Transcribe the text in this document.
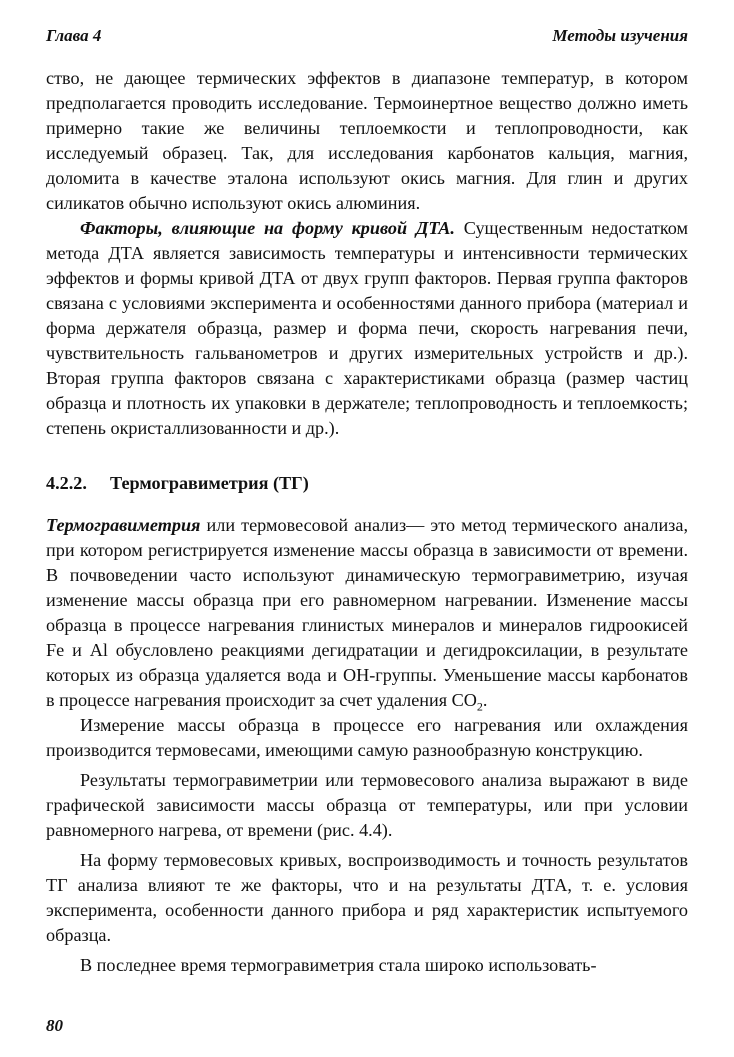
Глава 4	Методы изучения

ство, не дающее термических эффектов в диапазоне температур, в котором предполагается проводить исследование. Термоинертное вещество должно иметь примерно такие же величины теплоемкости и теплопроводности, как исследуемый образец. Так, для исследования карбонатов кальция, магния, доломита в качестве эталона используют окись магния. Для глин и других силикатов обычно используют окись алюминия.

Факторы, влияющие на форму кривой ДТА. Существенным недостатком метода ДТА является зависимость температуры и интенсивности термических эффектов и формы кривой ДТА от двух групп факторов. Первая группа факторов связана с условиями эксперимента и особенностями данного прибора (материал и форма держателя образца, размер и форма печи, скорость нагревания печи, чувствительность гальванометров и других измерительных устройств и др.). Вторая группа факторов связана с характеристиками образца (размер частиц образца и плотность их упаковки в держателе; теплопроводность и теплоемкость; степень окристаллизованности и др.).

4.2.2.	Термогравиметрия (ТГ)

Термогравиметрия или термовесовой анализ— это метод термического анализа, при котором регистрируется изменение массы образца в зависимости от времени. В почвоведении часто используют динамическую термогравиметрию, изучая изменение массы образца при его равномерном нагревании. Изменение массы образца в процессе нагревания глинистых минералов и минералов гидроокисей Fe и Al обусловлено реакциями дегидратации и дегидроксилации, в результате которых из образца удаляется вода и OH-группы. Уменьшение массы карбонатов в процессе нагревания происходит за счет удаления $CO_2$.

Измерение массы образца в процессе его нагревания или охлаждения производится термовесами, имеющими самую разнообразную конструкцию.

Результаты термогравиметрии или термовесового анализа выражают в виде графической зависимости массы образца от температуры, или при условии равномерного нагрева, от времени (рис. 4.4).

На форму термовесовых кривых, воспроизводимость и точность результатов ТГ анализа влияют те же факторы, что и на результаты ДТА, т. е. условия эксперимента, особенности данного прибора и ряд характеристик испытуемого образца.

В последнее время термогравиметрия стала широко использовать-

80
